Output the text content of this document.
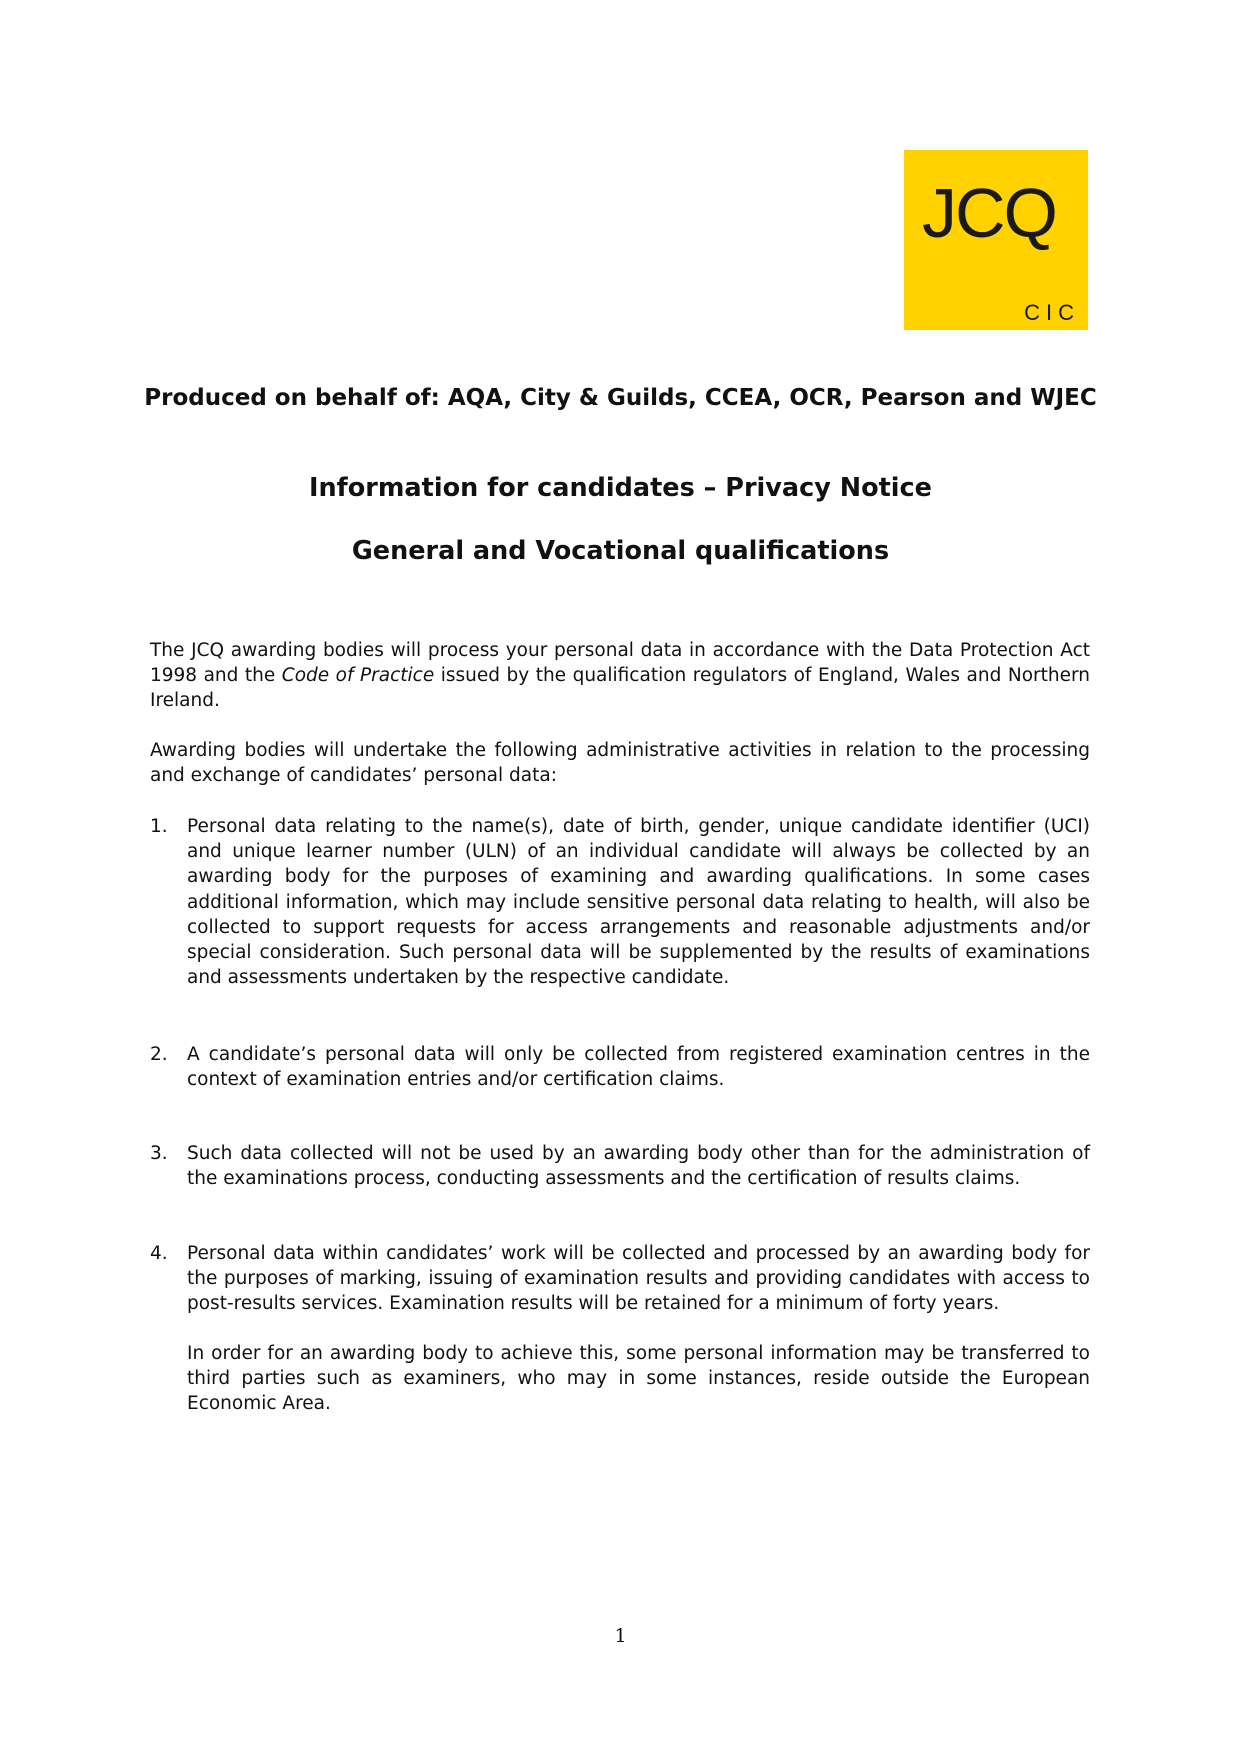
JCQ
CIC
Produced on behalf of: AQA, City & Guilds, CCEA, OCR, Pearson and WJEC
Information for candidates – Privacy Notice
General and Vocational qualifications

The JCQ awarding bodies will process your personal data in accordance with the Data Protection Act 1998 and the Code of Practice issued by the qualification regulators of England, Wales and Northern Ireland.

Awarding bodies will undertake the following administrative activities in relation to the processing and exchange of candidates’ personal data:

1. Personal data relating to the name(s), date of birth, gender, unique candidate identifier (UCI) and unique learner number (ULN) of an individual candidate will always be collected by an awarding body for the purposes of examining and awarding qualifications. In some cases additional information, which may include sensitive personal data relating to health, will also be collected to support requests for access arrangements and reasonable adjustments and/or special consideration. Such personal data will be supplemented by the results of examinations and assessments undertaken by the respective candidate.

2. A candidate’s personal data will only be collected from registered examination centres in the context of examination entries and/or certification claims.

3. Such data collected will not be used by an awarding body other than for the administration of the examinations process, conducting assessments and the certification of results claims.

4. Personal data within candidates’ work will be collected and processed by an awarding body for the purposes of marking, issuing of examination results and providing candidates with access to post-results services. Examination results will be retained for a minimum of forty years.

In order for an awarding body to achieve this, some personal information may be transferred to third parties such as examiners, who may in some instances, reside outside the European Economic Area.

1
